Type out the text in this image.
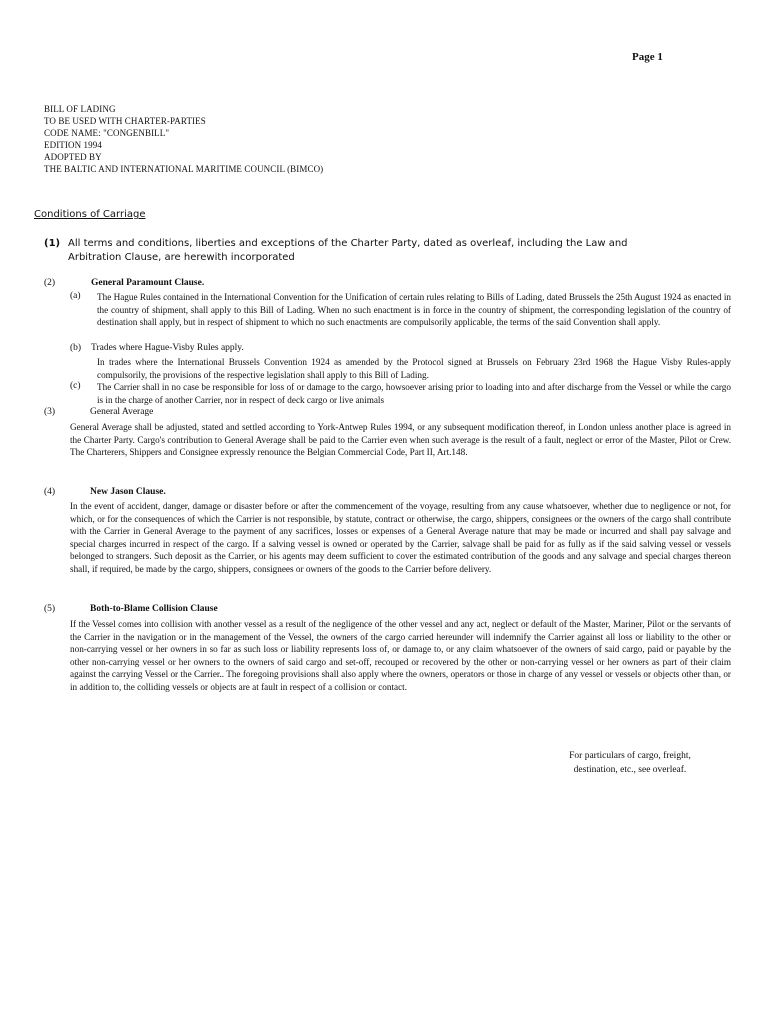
Page 1
BILL OF LADING
TO BE USED WITH CHARTER-PARTIES
CODE NAME: "CONGENBILL"
EDITION 1994
ADOPTED BY
THE BALTIC AND INTERNATIONAL MARITIME COUNCIL (BIMCO)
Conditions of Carriage
(1) All terms and conditions, liberties and exceptions of the Charter Party, dated as overleaf, including the Law and Arbitration Clause, are herewith incorporated
(2)	General Paramount Clause.
(a) The Hague Rules contained in the International Convention for the Unification of certain rules relating to Bills of Lading, dated Brussels the 25th August 1924 as enacted in the country of shipment, shall apply to this Bill of Lading. When no such enactment is in force in the country of shipment, the corresponding legislation of the country of destination shall apply, but in respect of shipment to which no such enactments are compulsorily applicable, the terms of the said Convention shall apply.
(b) Trades where Hague-Visby Rules apply.
In trades where the International Brussels Convention 1924 as amended by the Protocol signed at Brussels on February 23rd 1968 the Hague Visby Rules-apply compulsorily, the provisions of the respective legislation shall apply to this Bill of Lading.
(c) The Carrier shall in no case be responsible for loss of or damage to the cargo, howsoever arising prior to loading into and after discharge from the Vessel or while the cargo is in the charge of another Carrier, nor in respect of deck cargo or live animals
(3)	General Average
General Average shall be adjusted, stated and settled according to York-Antwep Rules 1994, or any subsequent modification thereof, in London unless another place is agreed in the Charter Party. Cargo's contribution to General Average shall be paid to the Carrier even when such average is the result of a fault, neglect or error of the Master, Pilot or Crew. The Charterers, Shippers and Consignee expressly renounce the Belgian Commercial Code, Part II, Art.148.
(4)	New Jason Clause.
In the event of accident, danger, damage or disaster before or after the commencement of the voyage, resulting from any cause whatsoever, whether due to negligence or not, for which, or for the consequences of which the Carrier is not responsible, by statute, contract or otherwise, the cargo, shippers, consignees or the owners of the cargo shall contribute with the Carrier in General Average to the payment of any sacrifices, losses or expenses of a General Average nature that may be made or incurred and shall pay salvage and special charges incurred in respect of the cargo. If a salving vessel is owned or operated by the Carrier, salvage shall be paid for as fully as if the said salving vessel or vessels belonged to strangers. Such deposit as the Carrier, or his agents may deem sufficient to cover the estimated contribution of the goods and any salvage and special charges thereon shall, if required, be made by the cargo, shippers, consignees or owners of the goods to the Carrier before delivery.
(5)	Both-to-Blame Collision Clause
If the Vessel comes into collision with another vessel as a result of the negligence of the other vessel and any act, neglect or default of the Master, Mariner, Pilot or the servants of the Carrier in the navigation or in the management of the Vessel, the owners of the cargo carried hereunder will indemnify the Carrier against all loss or liability to the other or non-carrying vessel or her owners in so far as such loss or liability represents loss of, or damage to, or any claim whatsoever of the owners of said cargo, paid or payable by the other non-carrying vessel or her owners to the owners of said cargo and set-off, recouped or recovered by the other or non-carrying vessel or her owners as part of their claim against the carrying Vessel or the Carrier.. The foregoing provisions shall also apply where the owners, operators or those in charge of any vessel or vessels or objects other than, or in addition to, the colliding vessels or objects are at fault in respect of a collision or contact.
For particulars of cargo, freight,
destination, etc., see overleaf.
